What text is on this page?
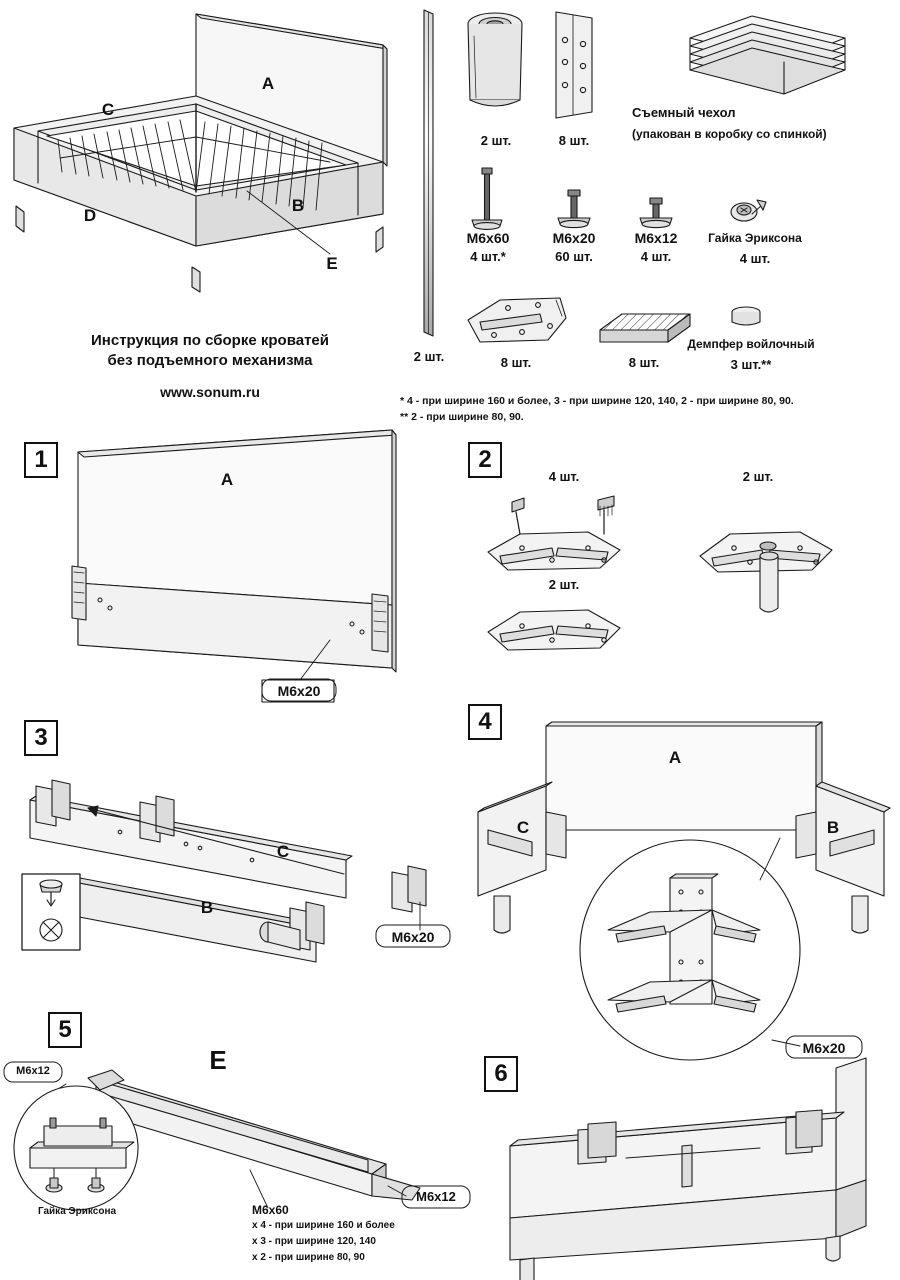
A
C
B
D
E
Инструкция по сборке кроватей
без подъемного механизма
www.sonum.ru
2 шт.	8 шт.
Съемный чехол
(упакован в коробку со спинкой)
2 шт.
M6x60
4 шт.*
M6x20
60 шт.
M6x12
4 шт.
Гайка Эриксона
4 шт.
8 шт.	8 шт.
Демпфер войлочный
3 шт.**
* 4 - при ширине 160 и более, 3 - при ширине 120, 140, 2 - при ширине 80, 90.
** 2 - при ширине 80, 90.
1	2
3
4
5
6
A
M6x20
4 шт.	2 шт.
2 шт.
C
B
M6x20
A
C	B
M6x20
E
M6x12
M6x12
M6x60
х 4 - при ширине 160 и более
х 3 - при ширине 120, 140
х 2 - при ширине 80, 90
Гайка Эриксона
